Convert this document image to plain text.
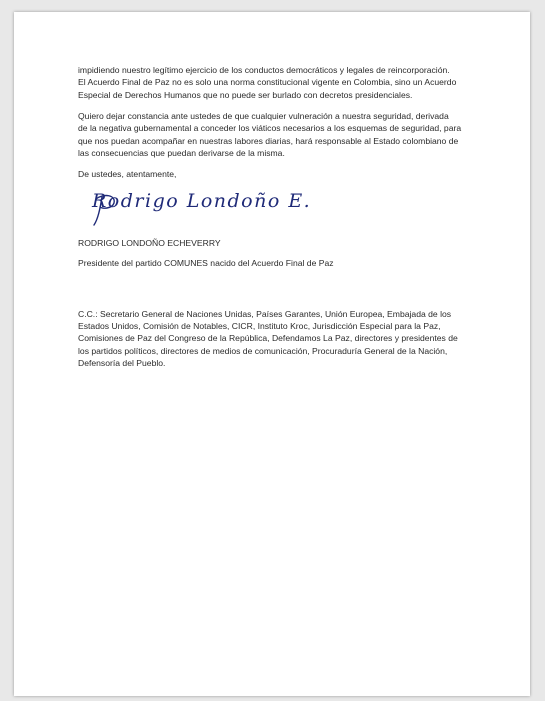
impidiendo nuestro legítimo ejercicio de los conductos democráticos y legales de reincorporación.
El Acuerdo Final de Paz no es solo una norma constitucional vigente en Colombia, sino un Acuerdo
Especial de Derechos Humanos que no puede ser burlado con decretos presidenciales.

Quiero dejar constancia ante ustedes de que cualquier vulneración a nuestra seguridad, derivada
de la negativa gubernamental a conceder los viáticos necesarios a los esquemas de seguridad, para
que nos puedan acompañar en nuestras labores diarias, hará responsable al Estado colombiano de
las consecuencias que puedan derivarse de la misma.

De ustedes, atentamente,

Rodrigo Londoño E.

RODRIGO LONDOÑO ECHEVERRY

Presidente del partido COMUNES nacido del Acuerdo Final de Paz

C.C.: Secretario General de Naciones Unidas, Países Garantes, Unión Europea, Embajada de los
Estados Unidos, Comisión de Notables, CICR, Instituto Kroc, Jurisdicción Especial para la Paz,
Comisiones de Paz del Congreso de la República, Defendamos La Paz, directores y presidentes de
los partidos políticos, directores de medios de comunicación, Procuraduría General de la Nación,
Defensoría del Pueblo.
